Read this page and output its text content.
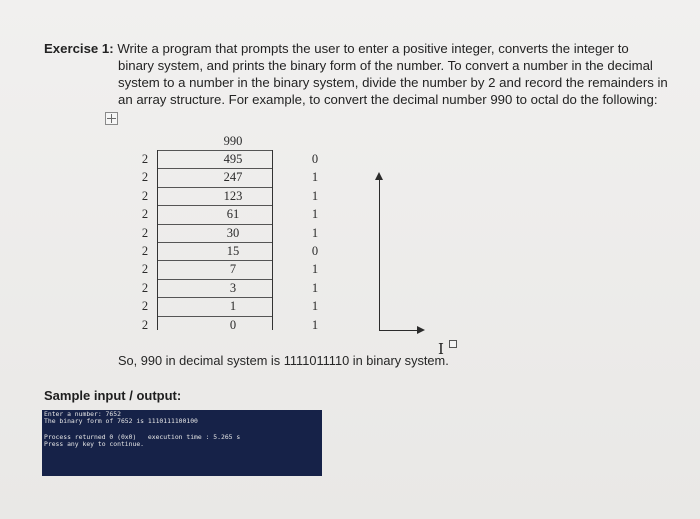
Exercise 1: Write a program that prompts the user to enter a positive integer, converts the integer to
binary system, and prints the binary form of the number. To convert a number in the decimal
system to a number in the binary system, divide the number by 2 and record the remainders in
an array structure. For example, to convert the decimal number 990 to octal do the following:
990
2	495	0
2	247	1
2	123	1
2	61	1
2	30	1
2	15	0
2	7	1
2	3	1
2	1	1
2	0	1
I
So, 990 in decimal system is 1111011110 in binary system.
Sample input / output:
Enter a number: 7652
The binary form of 7652 is 1110111100100
Process returned 0 (0x0)   execution time : 5.265 s
Press any key to continue.
